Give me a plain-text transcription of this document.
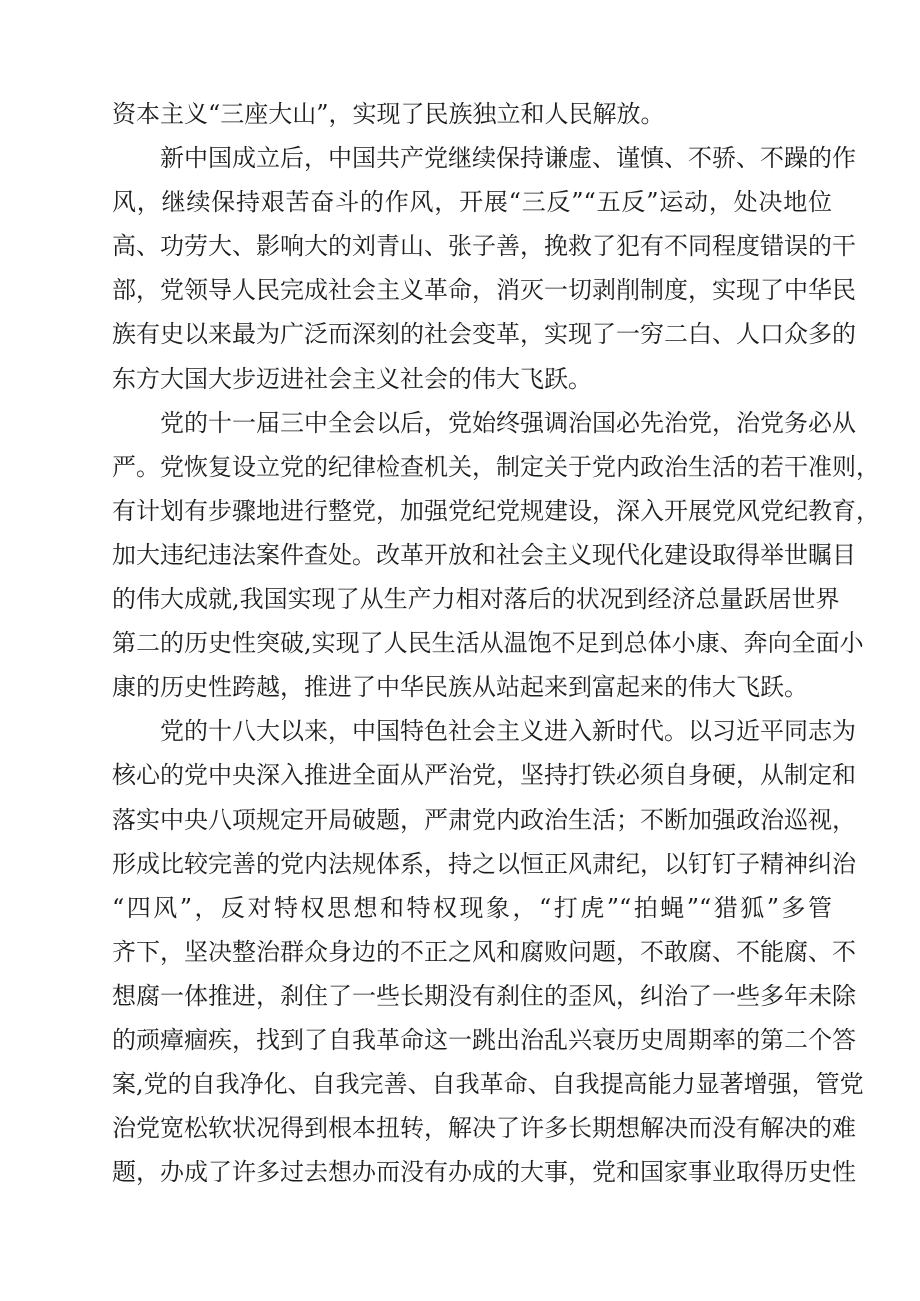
资本主义“三座大山”，实现了民族独立和人民解放。
新中国成立后，中国共产党继续保持谦虚、谨慎、不骄、不躁的作
风，继续保持艰苦奋斗的作风，开展“三反”“五反”运动，处决地位
高、功劳大、影响大的刘青山、张子善，挽救了犯有不同程度错误的干
部，党领导人民完成社会主义革命，消灭一切剥削制度，实现了中华民
族有史以来最为广泛而深刻的社会变革，实现了一穷二白、人口众多的
东方大国大步迈进社会主义社会的伟大飞跃。
党的十一届三中全会以后，党始终强调治国必先治党，治党务必从
严。党恢复设立党的纪律检查机关，制定关于党内政治生活的若干准则，
有计划有步骤地进行整党，加强党纪党规建设，深入开展党风党纪教育，
加大违纪违法案件查处。改革开放和社会主义现代化建设取得举世瞩目
的伟大成就,我国实现了从生产力相对落后的状况到经济总量跃居世界
第二的历史性突破,实现了人民生活从温饱不足到总体小康、奔向全面小
康的历史性跨越，推进了中华民族从站起来到富起来的伟大飞跃。
党的十八大以来，中国特色社会主义进入新时代。以习近平同志为
核心的党中央深入推进全面从严治党，坚持打铁必须自身硬，从制定和
落实中央八项规定开局破题，严肃党内政治生活；不断加强政治巡视，
形成比较完善的党内法规体系，持之以恒正风肃纪，以钉钉子精神纠治
“四风”，反对特权思想和特权现象，“打虎”“拍蝇”“猎狐”多管
齐下，坚决整治群众身边的不正之风和腐败问题，不敢腐、不能腐、不
想腐一体推进，刹住了一些长期没有刹住的歪风，纠治了一些多年未除
的顽瘴痼疾，找到了自我革命这一跳出治乱兴衰历史周期率的第二个答
案,党的自我净化、自我完善、自我革命、自我提高能力显著增强，管党
治党宽松软状况得到根本扭转，解决了许多长期想解决而没有解决的难
题，办成了许多过去想办而没有办成的大事，党和国家事业取得历史性
